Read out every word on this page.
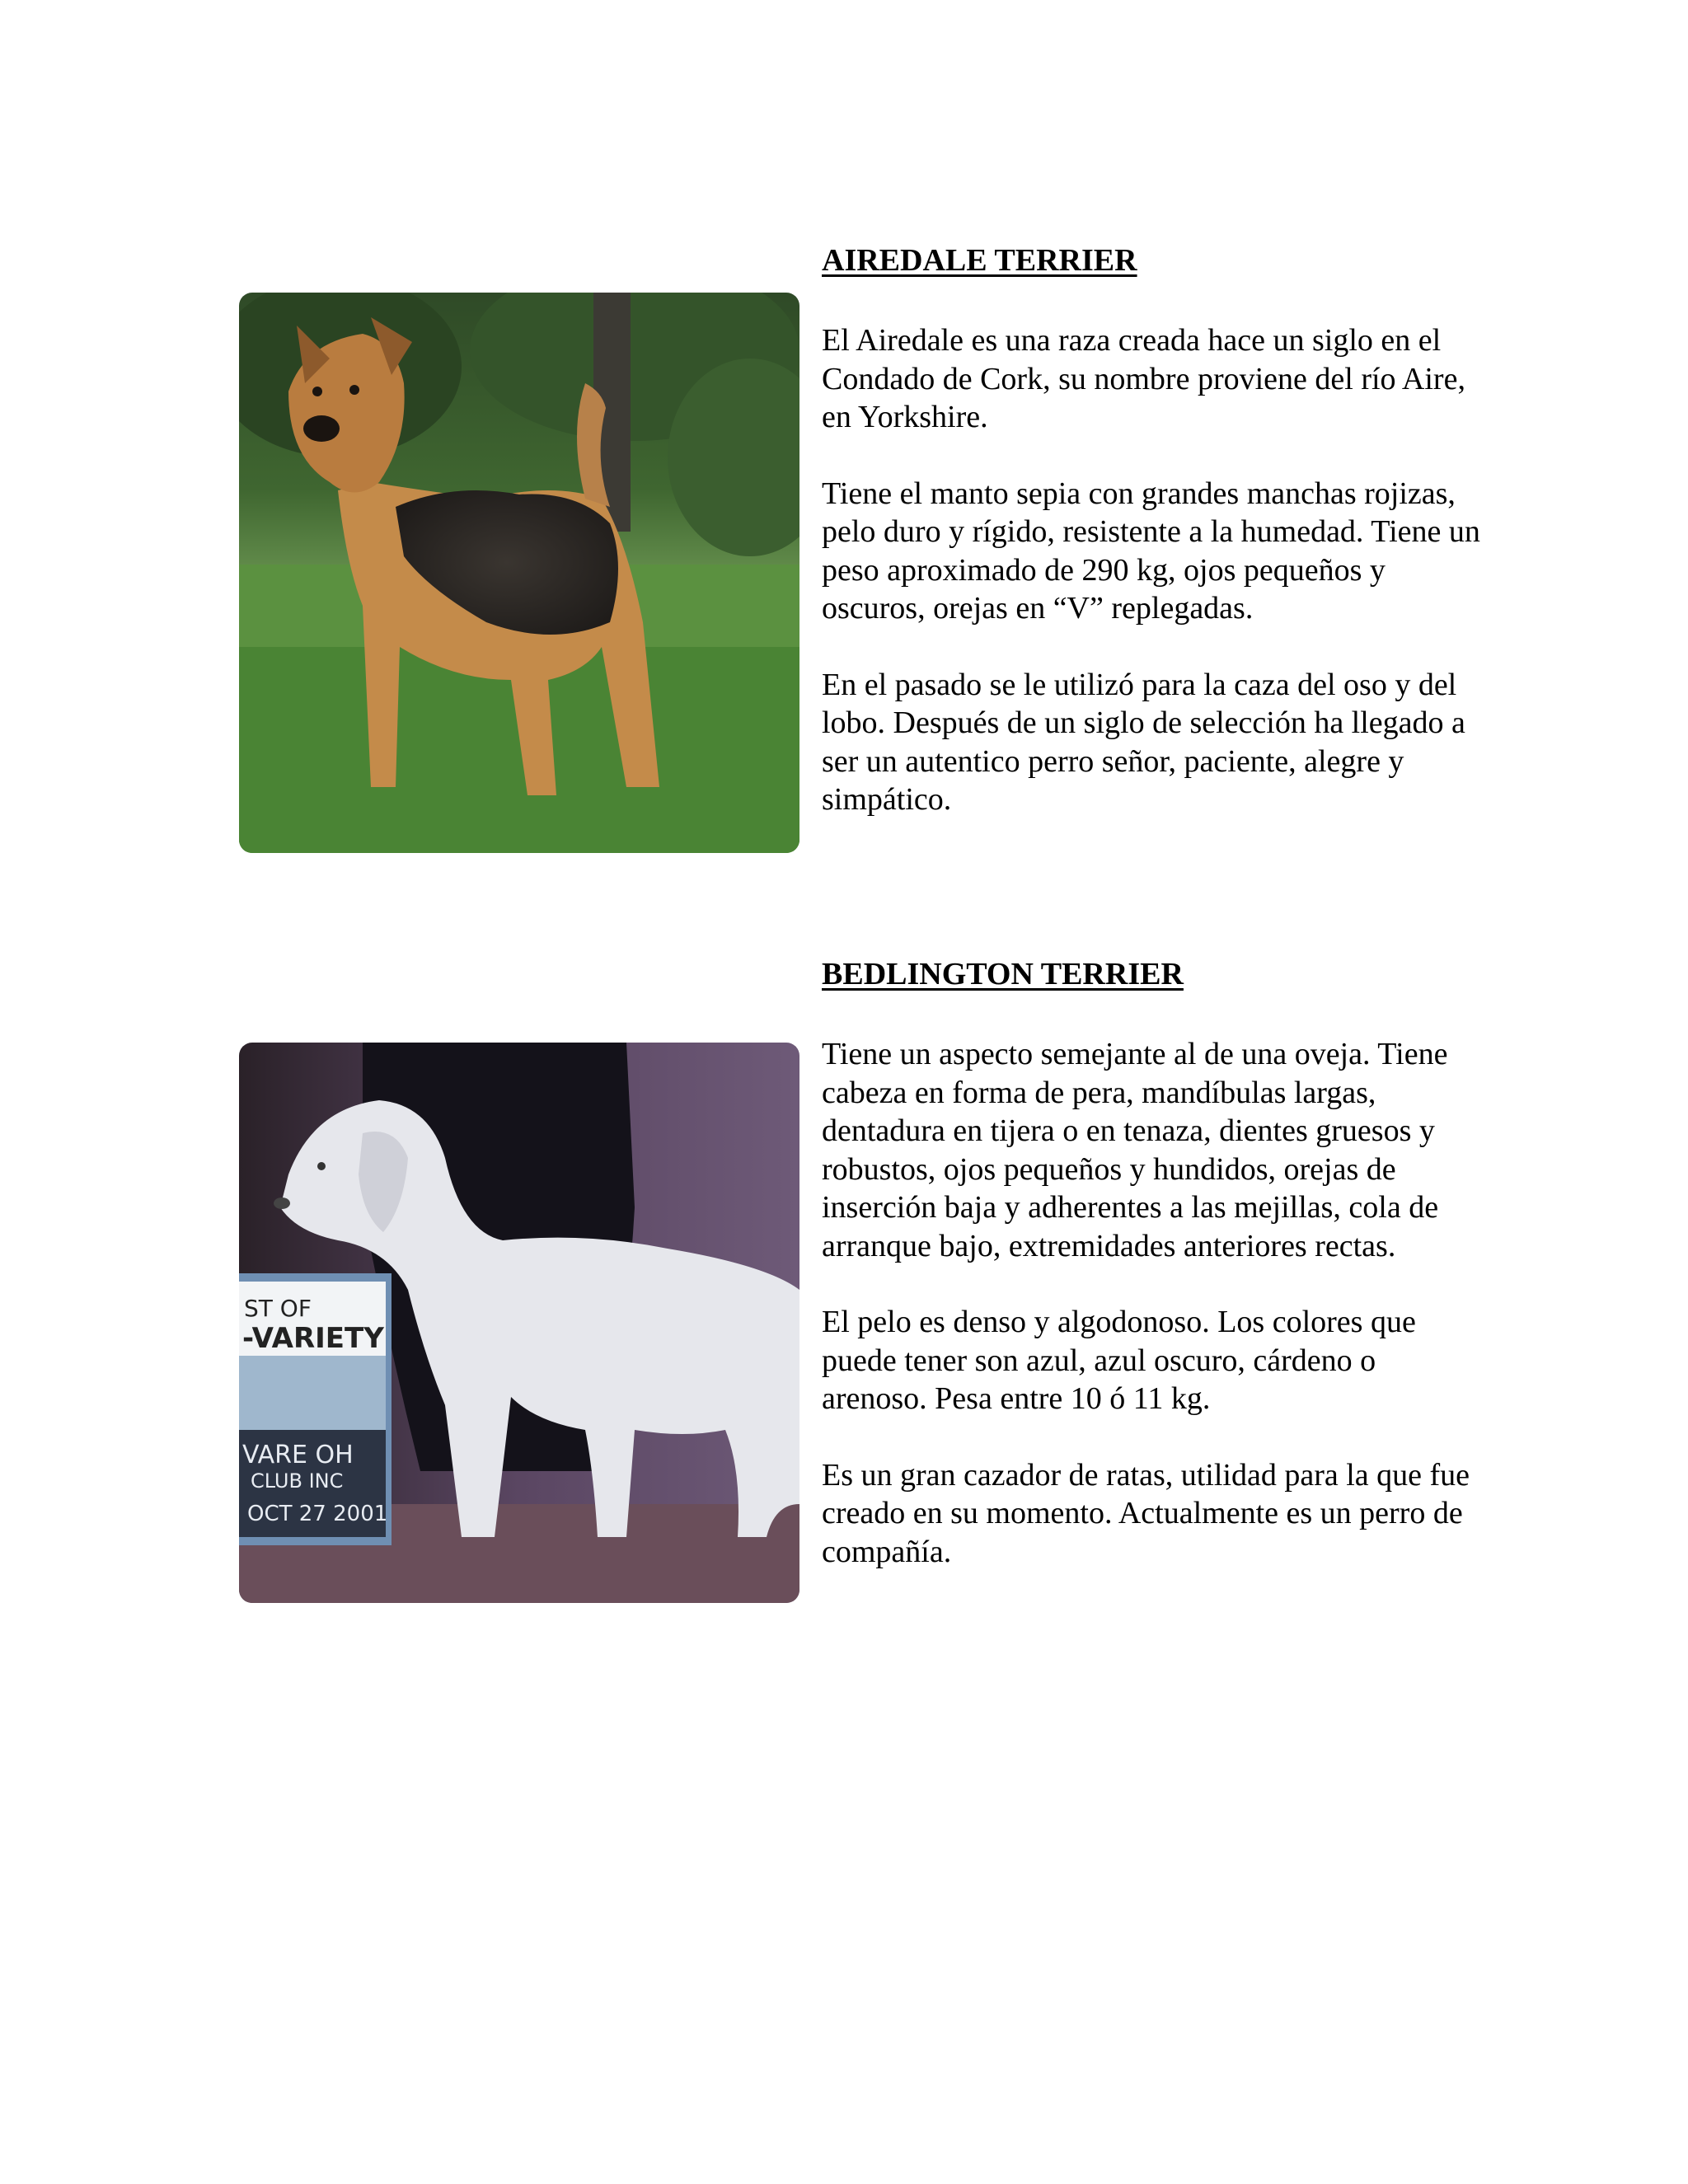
AIREDALE TERRIER

El Airedale es una raza creada hace un siglo en el Condado de Cork, su nombre proviene del río Aire, en Yorkshire.

Tiene el manto sepia con grandes manchas rojizas, pelo duro y rígido, resistente a la humedad. Tiene un peso aproximado de 290 kg, ojos pequeños y oscuros, orejas en “V” replegadas.

En el pasado se le utilizó para la caza del oso y del lobo. Después de un siglo de selección ha llegado a ser un autentico perro señor, paciente, alegre y simpático.

ST OF
-VARIETY
VARE OH
CLUB INC
OCT 27 2001
BEDLINGTON TERRIER

Tiene un aspecto semejante al de una oveja. Tiene cabeza en forma de pera, mandíbulas largas, dentadura en tijera o en tenaza, dientes gruesos y robustos, ojos pequeños y hundidos, orejas de inserción baja y adherentes a las mejillas, cola de arranque bajo, extremidades anteriores rectas.

El pelo es denso y algodonoso. Los colores que puede tener son azul, azul oscuro, cárdeno o arenoso. Pesa entre 10 ó 11 kg.

Es un gran cazador de ratas, utilidad para la que fue creado en su momento. Actualmente es un perro de compañía.
